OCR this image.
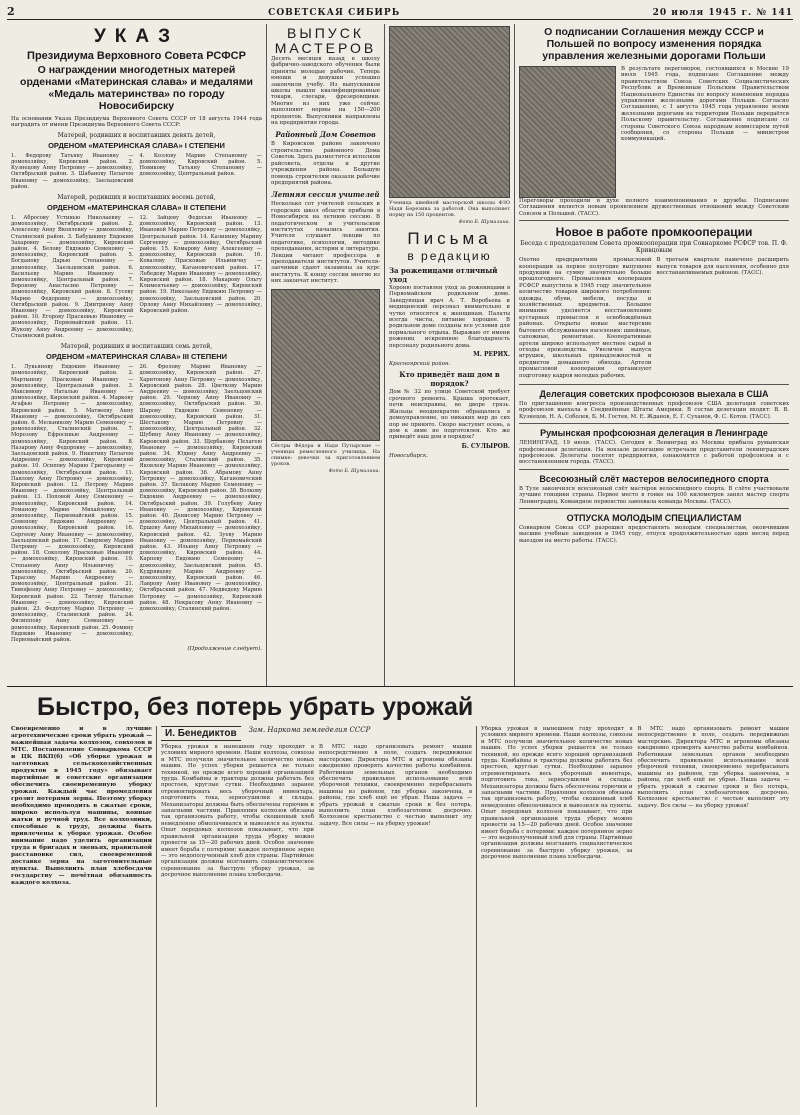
2	СОВЕТСКАЯ СИБИРЬ	20 июля 1945 г. № 141
УКАЗ
Президиума Верховного Совета РСФСР
О награждении многодетных матерей орденами «Материнская слава» и медалями «Медаль материнства» по городу Новосибирску

На основании Указа Президиума Верховного Совета СССР от 18 августа 1944 года наградить от имени Президиума Верховного Совета СССР:

Матерей, родивших и воспитавших девять детей,
ОРДЕНОМ «МАТЕРИНСКАЯ СЛАВА» I СТЕПЕНИ

1. Федорову Татьяну Ивановну — домохозяйку, Кировский район. 2. Кузнецову Анну Петровну — домохозяйку, Октябрьский район. 3. Шабанову Пелагею Ивановну — домохозяйку, Заельцовский район.

4. Козлову Марию Степановну — домохозяйку, Кировский район. 5. Новикову Татьяну Степановну — домохозяйку, Центральный район.

Матерей, родивших и воспитавших восемь детей,
ОРДЕНОМ «МАТЕРИНСКАЯ СЛАВА» II СТЕПЕНИ

1. Абросову Устинью Николаевну — домохозяйку, Октябрьский район. 2. Алексееву Анну Яковлевну — домохозяйку, Сталинский район. 3. Бабушкину Евдокию Захаровну — домохозяйку, Кировский район. 4. Белову Евдокию Семеновну — домохозяйку, Кировский район. 5. Богданову Дарью Степановну — домохозяйку, Заельцовский район. 6. Васильеву Марию Ивановну — домохозяйку, Центральный район. 7. Воронову Анастасию Петровну — домохозяйку, Кировский район. 8. Гусеву Марию Федоровну — домохозяйку, Октябрьский район. 9. Дмитриеву Анну Ивановну — домохозяйку, Кировский район. 10. Егорову Прасковью Ивановну — домохозяйку, Первомайский район. 11. Жукову Анну Андреевну — домохозяйку, Сталинский район.

12. Зайцеву Федосью Ивановну — домохозяйку, Кировский район. 13. Ивановой Марию Петровну — домохозяйку, Центральный район. 14. Калинину Марину Сергеевну — домохозяйку, Октябрьский район. 15. Комарову Анну Алексеевну — домохозяйку, Кировский район. 16. Ковалеву Прасковью Ильиничну — домохозяйку, Кагановичский район. 17. Лебедеву Марию Ивановну — домохозяйку, Кировский район. 18. Макарову Ольгу Климентьевну — домохозяйку, Кировский район. 19. Николаеву Евдокию Петровну — домохозяйку, Заельцовский район. 20. Орлову Анну Михайловну — домохозяйку, Кировский район.

Матерей, родивших и воспитавших семь детей,
ОРДЕНОМ «МАТЕРИНСКАЯ СЛАВА» III СТЕПЕНИ

1. Лукьянову Евдокию Ивановну — домохозяйку, Кировский район. 2. Мартынову Прасковью Ивановну — домохозяйку, Центральный район. 3. Максимову Наталью Ивановну — домохозяйку, Кировский район. 4. Маркову Агафью Петровну — домохозяйку, Кировский район. 5. Матвееву Анну Ивановну — домохозяйку, Октябрьский район. 6. Мельникову Марию Семеновну — домохозяйку, Сталинский район. 7. Морозову Ефросинью Андреевну — домохозяйку, Кировский район. 8. Назарову Анну Федоровну — домохозяйку, Заельцовский район. 9. Никитину Пелагею Андреевну — домохозяйку, Кировский район. 10. Осипову Марию Григорьевну — домохозяйку, Октябрьский район. 11. Павлову Анну Петровну — домохозяйку, Кировский район. 12. Петрову Марию Ивановну — домохозяйку, Центральный район. 13. Поповой Анну Семеновну — домохозяйку, Кировский район. 14. Романову Марию Михайловну — домохозяйку, Первомайский район. 15. Семенову Евдокию Андреевну — домохозяйку, Кировский район. 16. Сергееву Анну Ивановну — домохозяйку, Заельцовский район. 17. Смирнову Марию Петровну — домохозяйку, Кировский район. 18. Соколову Прасковью Ивановну — домохозяйку, Кировский район. 19. Степанову Анну Ильиничну — домохозяйку, Октябрьский район. 20. Тарасову Марию Андреевну — домохозяйку, Центральный район. 21. Тимофееву Анну Петровну — домохозяйку, Кировский район. 22. Титову Наталью Ивановну — домохозяйку, Кировский район. 23. Федотову Марию Петровну — домохозяйку, Сталинский район. 24. Филиппову Анну Семеновну — домохозяйку, Кировский район. 25. Фомину Евдокию Ивановну — домохозяйку, Первомайский район.

26. Фролову Марию Ивановну — домохозяйку, Кировский район. 27. Харитонову Анну Петровну — домохозяйку, Кировский район. 28. Цветкову Марию Андреевну — домохозяйку, Заельцовский район. 29. Чернову Анну Ивановну — домохозяйку, Октябрьский район. 30. Шарову Евдокию Семеновну — домохозяйку, Кировский район. 31. Шестакову Марию Петровну — домохозяйку, Центральный район. 32. Шубину Анну Ивановну — домохозяйку, Кировский район. 33. Щербакову Пелагею Ивановну — домохозяйку, Кировский район. 34. Юдину Анну Андреевну — домохозяйку, Сталинский район. 35. Яковлеву Марию Ивановну — домохозяйку, Кировский район. 36. Абрамову Анну Петровну — домохозяйку, Кагановичский район. 37. Белякову Марию Семеновну — домохозяйку, Кировский район. 38. Волкову Евдокию Андреевну — домохозяйку, Октябрьский район. 39. Голубеву Анну Ивановну — домохозяйку, Кировский район. 40. Денисову Марию Петровну — домохозяйку, Центральный район. 41. Ершову Анну Михайловну — домохозяйку, Кировский район. 42. Зуеву Марию Ивановну — домохозяйку, Первомайский район. 43. Ильину Анну Петровну — домохозяйку, Кировский район. 44. Карпову Евдокию Семеновну — домохозяйку, Заельцовский район. 45. Кудрявцеву Марию Андреевну — домохозяйку, Кировский район. 46. Лаврову Анну Ивановну — домохозяйку, Октябрьский район. 47. Медведеву Марию Петровну — домохозяйку, Кировский район. 48. Некрасову Анну Ивановну — домохозяйку, Сталинский район.

(Продолжение следует).
ВЫПУСК МАСТЕРОВ

Десять месяцев назад в школу фабрично-заводского обучения были приняты молодые рабочие. Теперь юноши и девушки успешно закончили учебу. Из выпускников школы вышли квалифицированные токари, слесари, фрезеровщики. Многие из них уже сейчас выполняют нормы на 150—200 процентов. Выпускники направлены на предприятия города.

Районный Дом Советов

В Кировском районе закончено строительство районного Дома Советов. Здесь разместятся исполком райсовета, отделы и другие учреждения района. Большую помощь строителям оказали рабочие предприятий района.

Летняя сессия учителей

Несколько сот учителей сельских и городских школ области прибыли в Новосибирск на летнюю сессию. В педагогическом и учительском институтах начались занятия. Учителя слушают лекции по педагогике, психологии, методике преподавания, истории и литературе. Лекции читают профессора и преподаватели институтов. Учителя-заочники сдают экзамены за курс института. К концу сессии многие из них закончат институт.

Сёстры Фёдора и Надя Путырские — ученицы ремесленного училища. На снимке: девочки за приготовлением уроков.

Фото Б. Шумилина.

Ученица швейной мастерской школы ФЗО Надя Березина за работой. Она выполняет норму на 150 процентов.

Фото Б. Шумилина.

Письма
в редакцию
За роженицами отличный уход

Хороню поставлен уход за роженицами в Первомайском родильном доме. Заведующая врач А. Т. Воробьева и медицинский персонал внимательно и чутко относятся к женщинам. Палаты всегда чисты, питание хорошее. В родильном доме созданы все условия для нормального отдыха. Выражаю от имени рожениц искреннюю благодарность персоналу родильного дома.

М. РЕРИХ.

Красноярский район.

Кто приведёт наш дом в порядок?

Дом № 32 по улице Советской требует срочного ремонта. Крыша протекает, печи неисправны, во дворе грязь. Жильцы неоднократно обращались в домоуправление, но никаких мер до сих пор не принято. Скоро наступит осень, а дом к зиме не подготовлен. Кто же приведёт наш дом в порядок?

Б. СУЛЫРОВ.

Новосибирск.

О подписании Соглашения между СССР и Польшей по вопросу изменения порядка управления железными дорогами Польши

В результате переговоров, состоявшихся в Москве 19 июля 1945 года, подписано Соглашение между правительством Союза Советских Социалистических Республик и Временным Польским Правительством Национального Единства по вопросу изменения порядка управления железными дорогами Польши. Согласно Соглашению, с 1 августа 1945 года управление всеми железными дорогами на территории Польши передаётся Польскому правительству. Соглашение подписано со стороны Советского Союза народным комиссаром путей сообщения, со стороны Польши — министром коммуникаций.

Переговоры проходили в духе полного взаимопонимания и дружбы. Подписание Соглашения является новым проявлением дружественных отношений между Советским Союзом и Польшей. (ТАСС).

Новое в работе промкооперации
Беседа с председателем Совета промкооперации при Совнаркоме РСФСР тов. П. Ф. Кривцовым

Охотно предприятиям промысловой кооперации за первое полугодие выпущено продукции на сумму значительно больше прошлогоднего. Промысловая кооперация РСФСР выпустила в 1945 году значительное количество товаров широкого потребления: одежды, обуви, мебели, посуды и хозяйственных предметов. Большое внимание уделяется восстановлению кустарных промыслов в освобождённых районах. Открыты новые мастерские бытового обслуживания населения: швейные, сапожные, ремонтные. Кооперативные артели широко используют местное сырьё и отходы производства. Увеличен выпуск игрушек, школьных принадлежностей и предметов домашнего обихода. Артели промысловой кооперации организуют подготовку кадров молодых рабочих.

В третьем квартале намечено расширить выпуск товаров для населения, особенно для восстанавливаемых районов. (ТАСС).

Делегация советских профсоюзов выехала в США

По приглашению конгресса производственных профсоюзов США делегация советских профсоюзов выехала в Соединённые Штаты Америки. В состав делегации входят: В. В. Кузнецов, Н. А. Соболев, Б. М. Гостев, М. Е. Жданов, Е. Г. Суханов, Ф. С. Котов. (ТАСС).

Румынская профсоюзная делегация в Ленинграде

ЛЕНИНГРАД, 19 июля. (ТАСС). Сегодня в Ленинград из Москвы прибыла румынская профсоюзная делегация. На вокзале делегацию встречали представители ленинградских профсоюзов. Делегаты посетят предприятия, ознакомятся с работой профсоюзов и с восстановлением города. (ТАСС).

Всесоюзный слёт мастеров велосипедного спорта

В Туле закончился всесоюзный слёт мастеров велосипедного спорта. В слёте участвовали лучшие гонщики страны. Первое место в гонке на 100 километров занял мастер спорта Ленинградец. Командное первенство завоевала команда Москвы. (ТАСС).

ОТПУСКА МОЛОДЫМ СПЕЦИАЛИСТАМ

Совнарком Союза ССР разрешил предоставлять молодым специалистам, окончившим высшие учебные заведения в 1945 году, отпуск продолжительностью один месяц перед выездом на место работы. (ТАСС).

Быстро, без потерь убрать урожай

Своевременно и в лучшие агротехнические сроки убрать урожай — важнейшая задача колхозов, совхозов и МТС. Постановление Совнаркома СССР и ЦК ВКП(б) «Об уборке урожая и заготовках сельскохозяйственных продуктов в 1945 году» обязывает партийные и советские организации обеспечить своевременную уборку урожая. Каждый час промедления грозит потерями зерна. Поэтому уборку необходимо проводить в сжатые сроки, широко используя машины, конные жатки и ручной труд. Все колхозники, способные к труду, должны быть привлечены к уборке урожая. Особое внимание надо уделить организации труда в бригадах и звеньях, правильной расстановке сил, своевременной доставке зерна на заготовительные пункты. Выполнить план хлебосдачи государству — почётная обязанность каждого колхоза.

И. Бенедиктов	Зам. Наркома земледелия СССР

Уборка урожая в нынешнем году проходит в условиях мирного времени. Наши колхозы, совхозы и МТС получили значительное количество новых машин. Но успех уборки решается не только техникой, но прежде всего хорошей организацией труда. Комбайны и тракторы должны работать без простоев, круглые сутки. Необходимо заранее отремонтировать весь уборочный инвентарь, подготовить тока, зерносушилки и склады. Механизаторы должны быть обеспечены горючим и запасными частями. Правления колхозов обязаны так организовать работу, чтобы скошенный хлеб немедленно обмолачивался и вывозился на пункты. Опыт передовых колхозов показывает, что при правильной организации труда уборку можно провести за 15—20 рабочих дней. Особое значение имеет борьба с потерями: каждое потерянное зерно — это недополученный хлеб для страны. Партийные организации должны возглавить социалистическое соревнование за быструю уборку урожая, за досрочное выполнение плана хлебосдачи.

В МТС надо организовать ремонт машин непосредственно в поле, создать передвижные мастерские. Директора МТС и агрономы обязаны ежедневно проверять качество работы комбайнов. Работникам земельных органов необходимо обеспечить правильное использование всей уборочной техники, своевременно перебрасывать машины из районов, где уборка закончена, в районы, где хлеб ещё не убран. Наша задача — убрать урожай в сжатые сроки и без потерь, выполнить план хлебозаготовок досрочно. Колхозное крестьянство с честью выполнит эту задачу. Все силы — на уборку урожая!

Уборка урожая в нынешнем году проходит в условиях мирного времени. Наши колхозы, совхозы и МТС получили значительное количество новых машин. Но успех уборки решается не только техникой, но прежде всего хорошей организацией труда. Комбайны и тракторы должны работать без простоев, круглые сутки. Необходимо заранее отремонтировать весь уборочный инвентарь, подготовить тока, зерносушилки и склады. Механизаторы должны быть обеспечены горючим и запасными частями. Правления колхозов обязаны так организовать работу, чтобы скошенный хлеб немедленно обмолачивался и вывозился на пункты. Опыт передовых колхозов показывает, что при правильной организации труда уборку можно провести за 15—20 рабочих дней. Особое значение имеет борьба с потерями: каждое потерянное зерно — это недополученный хлеб для страны. Партийные организации должны возглавить социалистическое соревнование за быструю уборку урожая, за досрочное выполнение плана хлебосдачи.

В МТС надо организовать ремонт машин непосредственно в поле, создать передвижные мастерские. Директора МТС и агрономы обязаны ежедневно проверять качество работы комбайнов. Работникам земельных органов необходимо обеспечить правильное использование всей уборочной техники, своевременно перебрасывать машины из районов, где уборка закончена, в районы, где хлеб ещё не убран. Наша задача — убрать урожай в сжатые сроки и без потерь, выполнить план хлебозаготовок досрочно. Колхозное крестьянство с честью выполнит эту задачу. Все силы — на уборку урожая!
